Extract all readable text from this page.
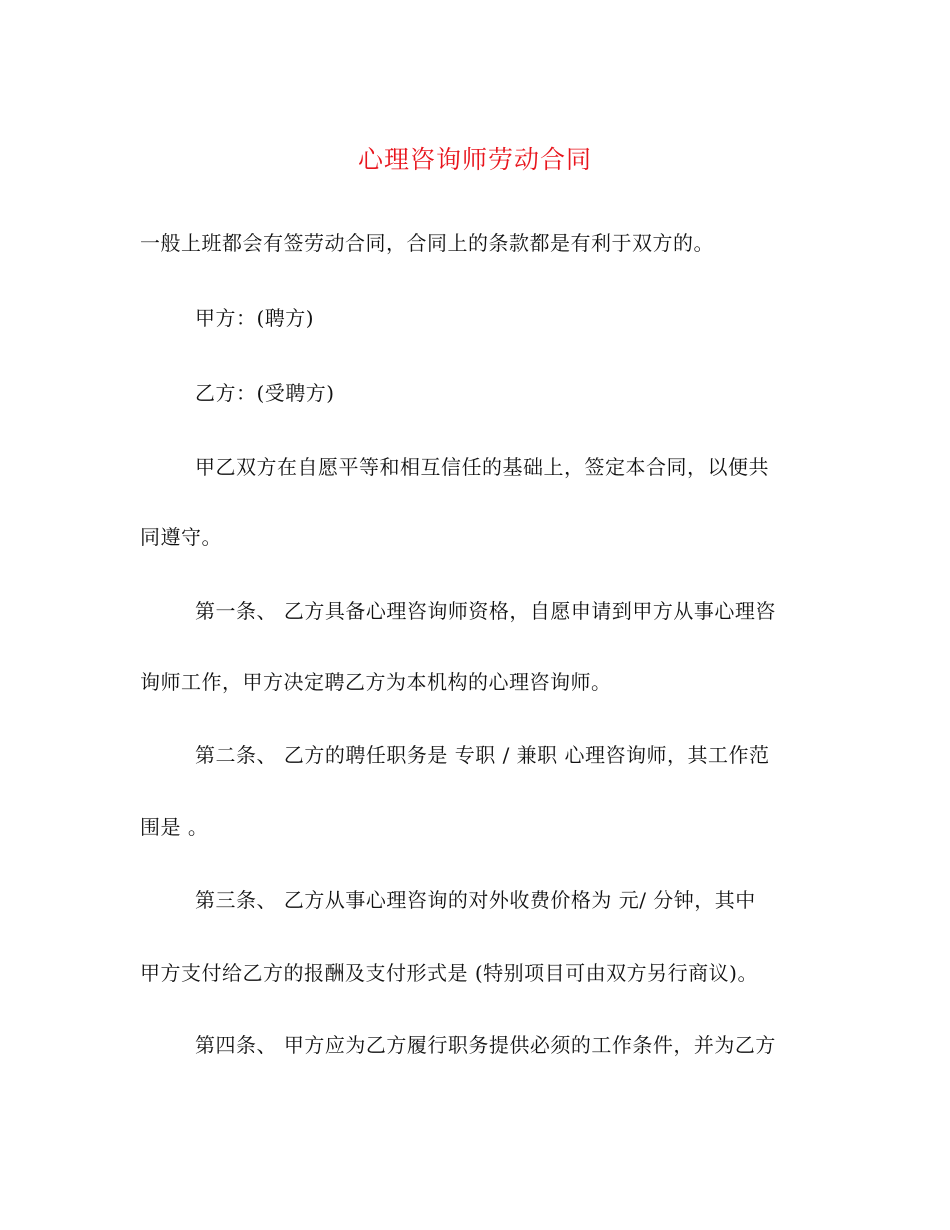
心理咨询师劳动合同
一般上班都会有签劳动合同，合同上的条款都是有利于双方的。
甲方：(聘方)
乙方：(受聘方)
甲乙双方在自愿平等和相互信任的基础上，签定本合同，以便共
同遵守。
第一条、 乙方具备心理咨询师资格，自愿申请到甲方从事心理咨
询师工作，甲方决定聘乙方为本机构的心理咨询师。
第二条、 乙方的聘任职务是 专职 / 兼职 心理咨询师，其工作范
围是 。
第三条、 乙方从事心理咨询的对外收费价格为 元/ 分钟，其中
甲方支付给乙方的报酬及支付形式是 (特别项目可由双方另行商议)。
第四条、 甲方应为乙方履行职务提供必须的工作条件，并为乙方
